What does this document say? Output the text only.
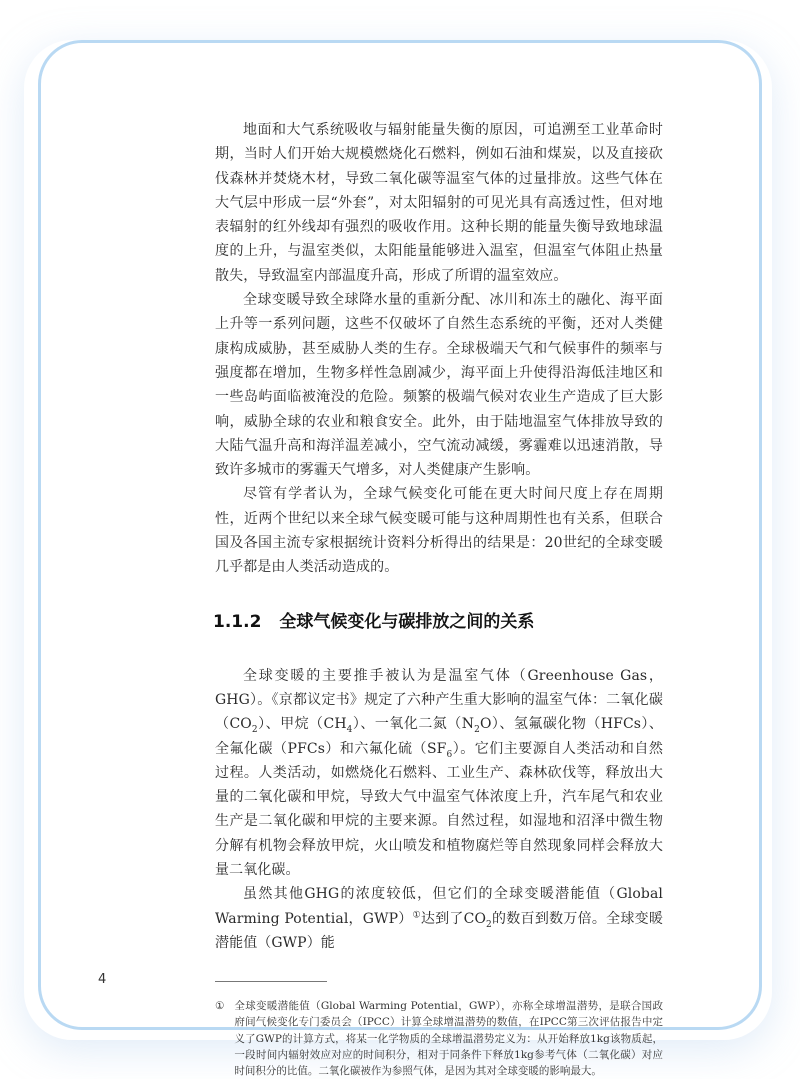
地面和大气系统吸收与辐射能量失衡的原因，可追溯至工业革命时期，当时人们开始大规模燃烧化石燃料，例如石油和煤炭，以及直接砍伐森林并焚烧木材，导致二氧化碳等温室气体的过量排放。这些气体在大气层中形成一层“外套”，对太阳辐射的可见光具有高透过性，但对地表辐射的红外线却有强烈的吸收作用。这种长期的能量失衡导致地球温度的上升，与温室类似，太阳能量能够进入温室，但温室气体阻止热量散失，导致温室内部温度升高，形成了所谓的温室效应。

全球变暖导致全球降水量的重新分配、冰川和冻土的融化、海平面上升等一系列问题，这些不仅破坏了自然生态系统的平衡，还对人类健康构成威胁，甚至威胁人类的生存。全球极端天气和气候事件的频率与强度都在增加，生物多样性急剧减少，海平面上升使得沿海低洼地区和一些岛屿面临被淹没的危险。频繁的极端气候对农业生产造成了巨大影响，威胁全球的农业和粮食安全。此外，由于陆地温室气体排放导致的大陆气温升高和海洋温差减小，空气流动减缓，雾霾难以迅速消散，导致许多城市的雾霾天气增多，对人类健康产生影响。

尽管有学者认为，全球气候变化可能在更大时间尺度上存在周期性，近两个世纪以来全球气候变暖可能与这种周期性也有关系，但联合国及各国主流专家根据统计资料分析得出的结果是：20世纪的全球变暖几乎都是由人类活动造成的。

1.1.2 全球气候变化与碳排放之间的关系

全球变暖的主要推手被认为是温室气体（Greenhouse Gas，GHG）。《京都议定书》规定了六种产生重大影响的温室气体：二氧化碳$(CO_2)$、甲烷$(CH_4)$、一氧化二氮$(N_2O)$、氢氟碳化物（HFCs）、全氟化碳（PFCs）和六氟化硫$(SF_6)$。它们主要源自人类活动和自然过程。人类活动，如燃烧化石燃料、工业生产、森林砍伐等，释放出大量的二氧化碳和甲烷，导致大气中温室气体浓度上升，汽车尾气和农业生产是二氧化碳和甲烷的主要来源。自然过程，如湿地和沼泽中微生物分解有机物会释放甲烷，火山喷发和植物腐烂等自然现象同样会释放大量二氧化碳。

虽然其他GHG的浓度较低，但它们的全球变暖潜能值（Global Warming Potential，GWP）①达到了$CO_2$的数百到数万倍。全球变暖潜能值（GWP）能

① 全球变暖潜能值（Global Warming Potential，GWP），亦称全球增温潜势，是联合国政府间气候变化专门委员会（IPCC）计算全球增温潜势的数值，在IPCC第三次评估报告中定义了GWP的计算方式，将某一化学物质的全球增温潜势定义为：从开始释放1kg该物质起，一段时间内辐射效应对应的时间积分，相对于同条件下释放1kg参考气体（二氧化碳）对应时间积分的比值。二氧化碳被作为参照气体，是因为其对全球变暖的影响最大。
4
